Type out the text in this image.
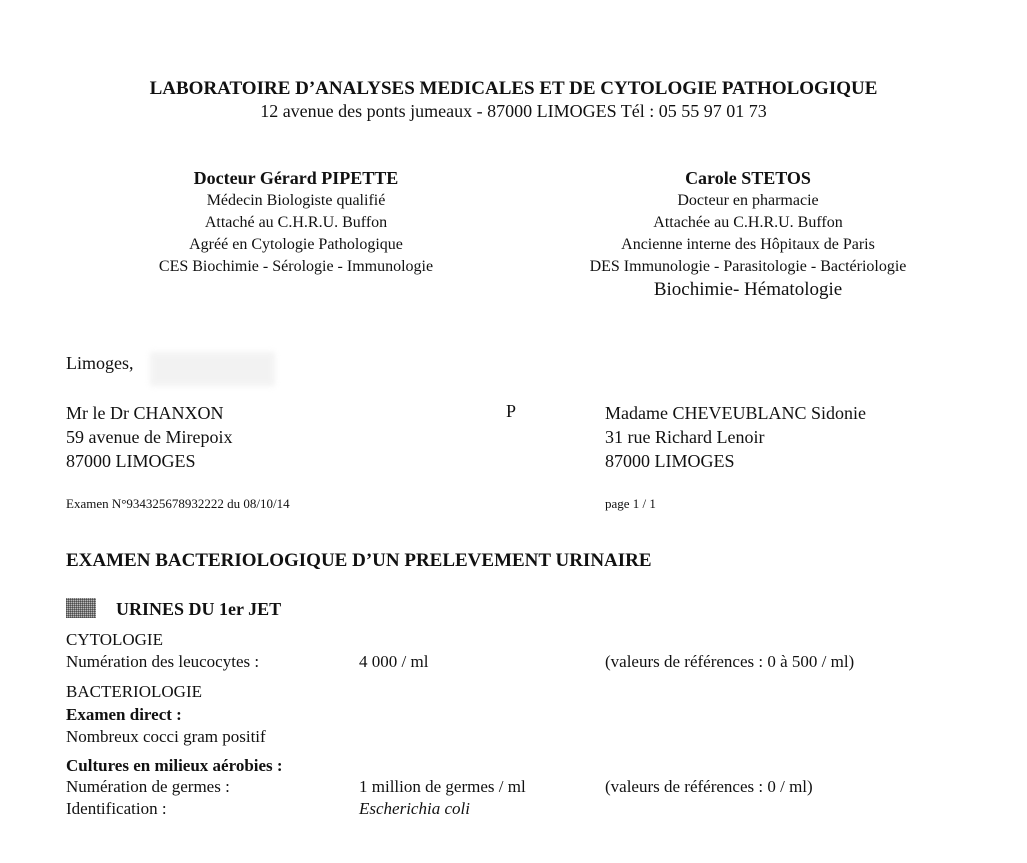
LABORATOIRE D’ANALYSES MEDICALES ET DE CYTOLOGIE PATHOLOGIQUE
12 avenue des ponts jumeaux - 87000 LIMOGES Tél : 05 55 97 01 73
Docteur Gérard PIPETTE
Médecin Biologiste qualifié
Attaché au C.H.R.U. Buffon
Agréé en Cytologie Pathologique
CES Biochimie - Sérologie - Immunologie
Carole STETOS
Docteur en pharmacie
Attachée au C.H.R.U. Buffon
Ancienne interne des Hôpitaux de Paris
DES Immunologie - Parasitologie - Bactériologie
Biochimie- Hématologie
Limoges,
Mr le Dr CHANXON
59 avenue de Mirepoix
87000 LIMOGES
P	Madame CHEVEUBLANC Sidonie
31 rue Richard Lenoir
87000 LIMOGES
Examen N°934325678932222 du 08/10/14	page 1 / 1
EXAMEN BACTERIOLOGIQUE D’UN PRELEVEMENT URINAIRE
URINES DU 1er JET
CYTOLOGIE
Numération des leucocytes :	4 000 / ml	(valeurs de références : 0 à 500 / ml)
BACTERIOLOGIE
Examen direct :
Nombreux cocci gram positif
Cultures en milieux aérobies :
Numération de germes :	1 million de germes / ml	(valeurs de références : 0 / ml)
Identification :	Escherichia coli
